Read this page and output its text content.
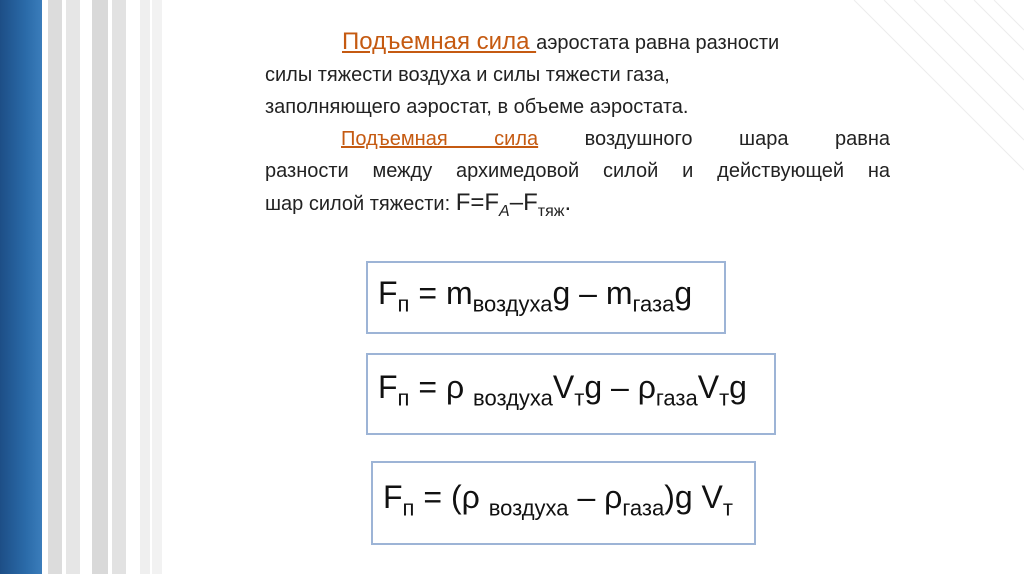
Подъемная сила аэростата равна разности
силы тяжести воздуха и силы тяжести газа,
заполняющего аэростат, в объеме аэростата.

Подъемная сила воздушного шара равна
разности между архимедовой силой и действующей на
шар силой тяжести: $F=F_A-F_{тяж}$.

$F_п = m_{воздуха}g - m_{газа}g$
$F_п = \rho$ $_{воздуха}V_тg - \rho_{газа}V_тg$
$F_п = (\rho$ $_{воздуха} - \rho_{газа})g$ $V_т$
